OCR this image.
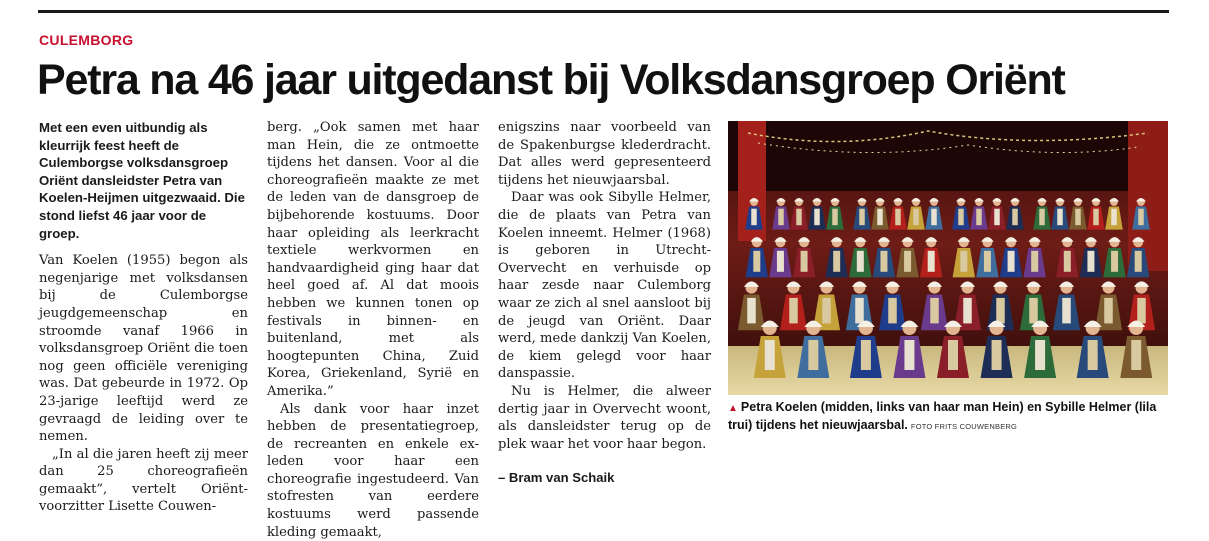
CULEMBORG
Petra na 46 jaar uitgedanst bij Volksdansgroep Oriënt

Met een even uitbundig als kleurrijk feest heeft de Culemborgse volksdansgroep Oriënt dansleidster Petra van Koelen-Heijmen uitgezwaaid. Die stond liefst 46 jaar voor de groep.

Van Koelen (1955) begon als negenjarige met volksdansen bij de Culemborgse jeugdgemeenschap en stroomde vanaf 1966 in volksdansgroep Oriënt die toen nog geen officiële vereniging was. Dat gebeurde in 1972. Op 23-jarige leeftijd werd ze gevraagd de leiding over te nemen.

„In al die jaren heeft zij meer dan 25 choreografieën gemaakt”, vertelt Oriënt-voorzitter Lisette Couwen-

berg. „Ook samen met haar man Hein, die ze ontmoette tijdens het dansen. Voor al die choreografieën maakte ze met de leden van de dansgroep de bijbehorende kostuums. Door haar opleiding als leerkracht textiele werkvormen en handvaardigheid ging haar dat heel goed af. Al dat moois hebben we kunnen tonen op festivals in binnen- en buitenland, met als hoogtepunten China, Zuid Korea, Griekenland, Syrië en Amerika.”

Als dank voor haar inzet hebben de presentatiegroep, de recreanten en enkele ex-leden voor haar een choreografie ingestudeerd. Van stofresten van eerdere kostuums werd passende kleding gemaakt,

enigszins naar voorbeeld van de Spakenburgse klederdracht. Dat alles werd gepresenteerd tijdens het nieuwjaarsbal.

Daar was ook Sibylle Helmer, die de plaats van Petra van Koelen inneemt. Helmer (1968) is geboren in Utrecht-Overvecht en verhuisde op haar zesde naar Culemborg waar ze zich al snel aansloot bij de jeugd van Oriënt. Daar werd, mede dankzij Van Koelen, de kiem gelegd voor haar danspassie.

Nu is Helmer, die alweer dertig jaar in Overvecht woont, als dansleidster terug op de plek waar het voor haar begon.

– Bram van Schaik

▲ Petra Koelen (midden, links van haar man Hein) en Sybille Helmer (lila trui) tijdens het nieuwjaarsbal. FOTO FRITS COUWENBERG
